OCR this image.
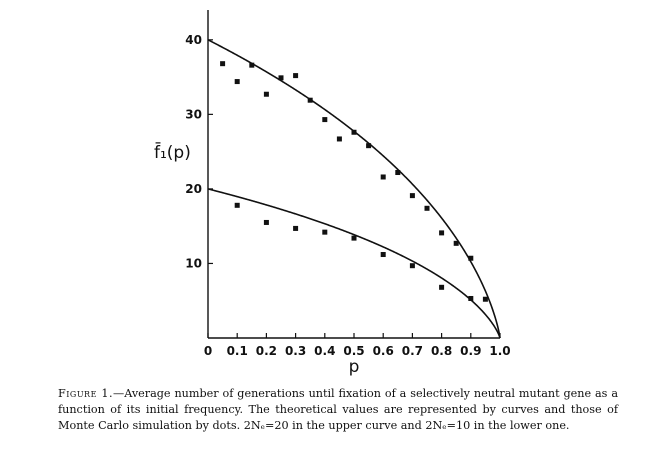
0 0.1 0.2 0.3 0.4 0.5 0.6 0.7 0.8 0.9 1.0
10
20
30
40
p
f̄₁(p)
Figure 1.—Average number of generations until fixation of a selectively neutral mutant gene as a function of its initial frequency. The theoretical values are represented by curves and those of Monte Carlo simulation by dots. 2Nₑ=20 in the upper curve and 2Nₑ=10 in the lower one.
